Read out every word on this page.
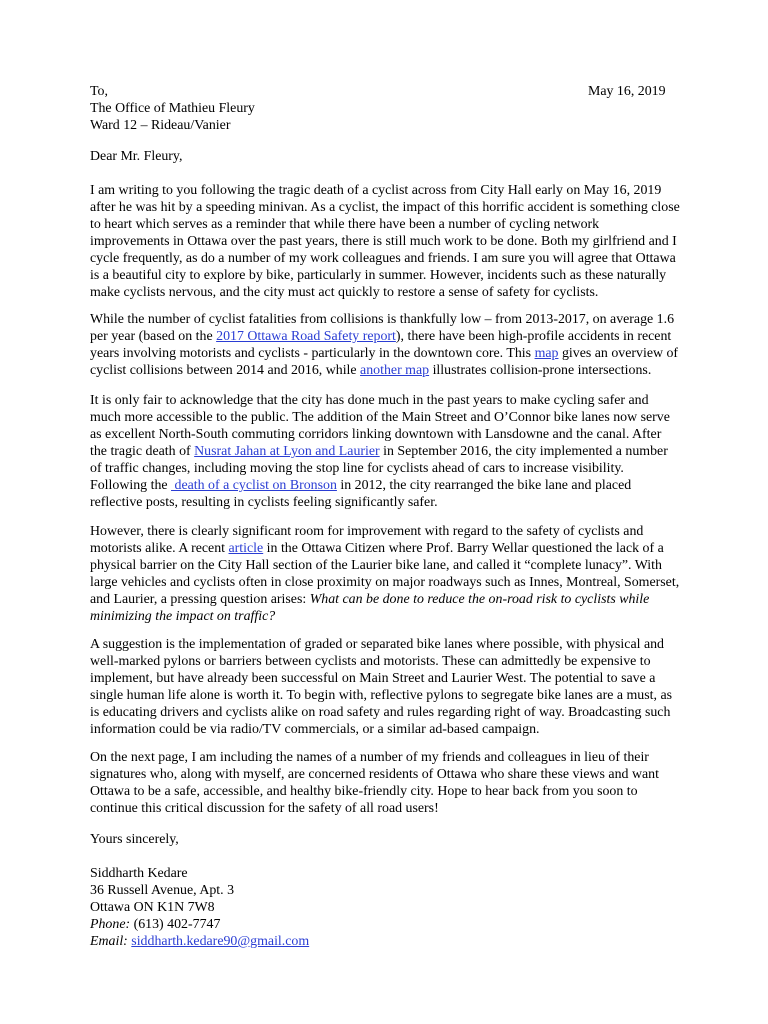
To,
The Office of Mathieu Fleury
Ward 12 – Rideau/Vanier
May 16, 2019
Dear Mr. Fleury,
I am writing to you following the tragic death of a cyclist across from City Hall early on May 16, 2019
after he was hit by a speeding minivan. As a cyclist, the impact of this horrific accident is something close
to heart which serves as a reminder that while there have been a number of cycling network
improvements in Ottawa over the past years, there is still much work to be done. Both my girlfriend and I
cycle frequently, as do a number of my work colleagues and friends. I am sure you will agree that Ottawa
is a beautiful city to explore by bike, particularly in summer. However, incidents such as these naturally
make cyclists nervous, and the city must act quickly to restore a sense of safety for cyclists.
While the number of cyclist fatalities from collisions is thankfully low – from 2013-2017, on average 1.6
per year (based on the 2017 Ottawa Road Safety report), there have been high-profile accidents in recent
years involving motorists and cyclists - particularly in the downtown core. This map gives an overview of
cyclist collisions between 2014 and 2016, while another map illustrates collision-prone intersections.
It is only fair to acknowledge that the city has done much in the past years to make cycling safer and
much more accessible to the public. The addition of the Main Street and O’Connor bike lanes now serve
as excellent North-South commuting corridors linking downtown with Lansdowne and the canal. After
the tragic death of Nusrat Jahan at Lyon and Laurier in September 2016, the city implemented a number
of traffic changes, including moving the stop line for cyclists ahead of cars to increase visibility.
Following the  death of a cyclist on Bronson in 2012, the city rearranged the bike lane and placed
reflective posts, resulting in cyclists feeling significantly safer.
However, there is clearly significant room for improvement with regard to the safety of cyclists and
motorists alike. A recent article in the Ottawa Citizen where Prof. Barry Wellar questioned the lack of a
physical barrier on the City Hall section of the Laurier bike lane, and called it “complete lunacy”. With
large vehicles and cyclists often in close proximity on major roadways such as Innes, Montreal, Somerset,
and Laurier, a pressing question arises: What can be done to reduce the on-road risk to cyclists while
minimizing the impact on traffic?
A suggestion is the implementation of graded or separated bike lanes where possible, with physical and
well-marked pylons or barriers between cyclists and motorists. These can admittedly be expensive to
implement, but have already been successful on Main Street and Laurier West. The potential to save a
single human life alone is worth it. To begin with, reflective pylons to segregate bike lanes are a must, as
is educating drivers and cyclists alike on road safety and rules regarding right of way. Broadcasting such
information could be via radio/TV commercials, or a similar ad-based campaign.
On the next page, I am including the names of a number of my friends and colleagues in lieu of their
signatures who, along with myself, are concerned residents of Ottawa who share these views and want
Ottawa to be a safe, accessible, and healthy bike-friendly city. Hope to hear back from you soon to
continue this critical discussion for the safety of all road users!
Yours sincerely,
Siddharth Kedare
36 Russell Avenue, Apt. 3
Ottawa ON K1N 7W8
Phone: (613) 402-7747
Email: siddharth.kedare90@gmail.com
